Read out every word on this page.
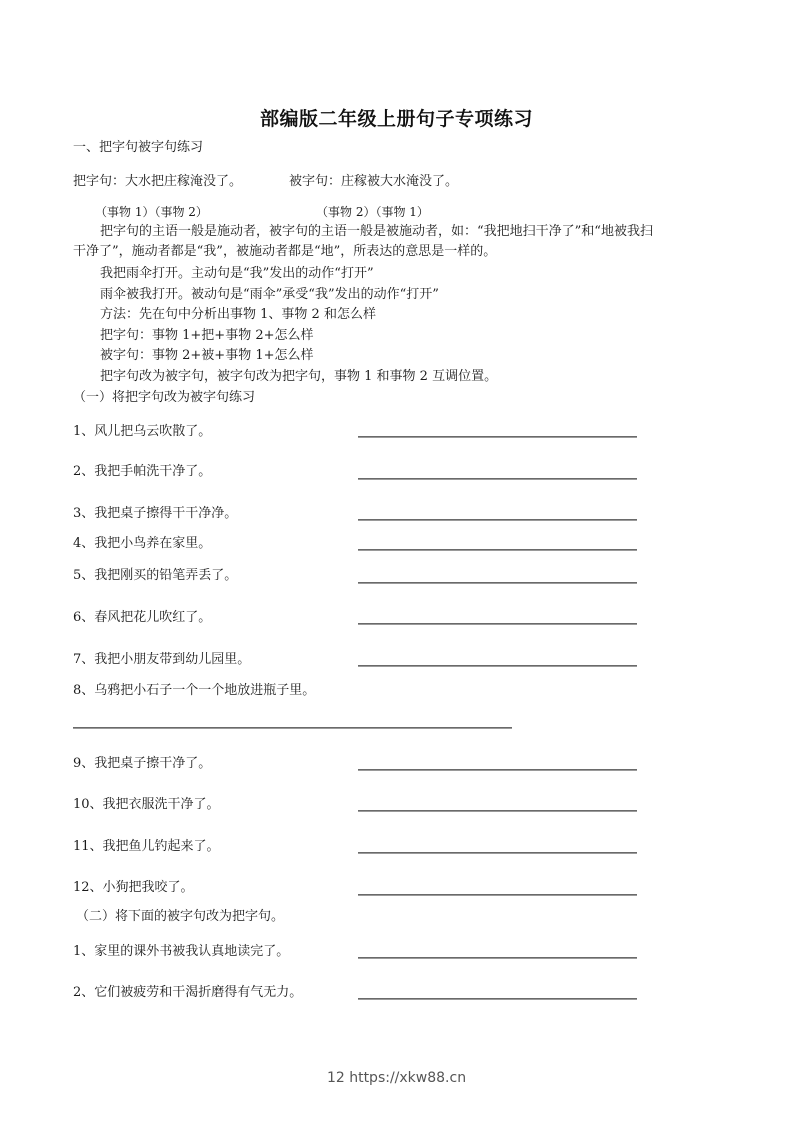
部编版二年级上册句子专项练习
一、把字句被字句练习
把字句：大水把庄稼淹没了。	被字句：庄稼被大水淹没了。
（事物 1）（事物 2）	（事物 2）（事物 1）
把字句的主语一般是施动者，被字句的主语一般是被施动者，如：“我把地扫干净了”和“地被我扫
干净了”，施动者都是“我”，被施动者都是“地”，所表达的意思是一样的。
我把雨伞打开。主动句是“我”发出的动作“打开”
雨伞被我打开。被动句是“雨伞”承受“我”发出的动作“打开”
方法：先在句中分析出事物 1、事物 2 和怎么样
把字句：事物 1+把+事物 2+怎么样
被字句：事物 2+被+事物 1+怎么样
把字句改为被字句，被字句改为把字句，事物 1 和事物 2 互调位置。
（一）将把字句改为被字句练习
1、风儿把乌云吹散了。
2、我把手帕洗干净了。
3、我把桌子擦得干干净净。
4、我把小鸟养在家里。
5、我把刚买的铅笔弄丢了。
6、春风把花儿吹红了。
7、我把小朋友带到幼儿园里。
8、乌鸦把小石子一个一个地放进瓶子里。
9、我把桌子擦干净了。
10、我把衣服洗干净了。
11、我把鱼儿钓起来了。
12、小狗把我咬了。
（二）将下面的被字句改为把字句。
1、家里的课外书被我认真地读完了。
2、它们被疲劳和干渴折磨得有气无力。
12 https://xkw88.cn
